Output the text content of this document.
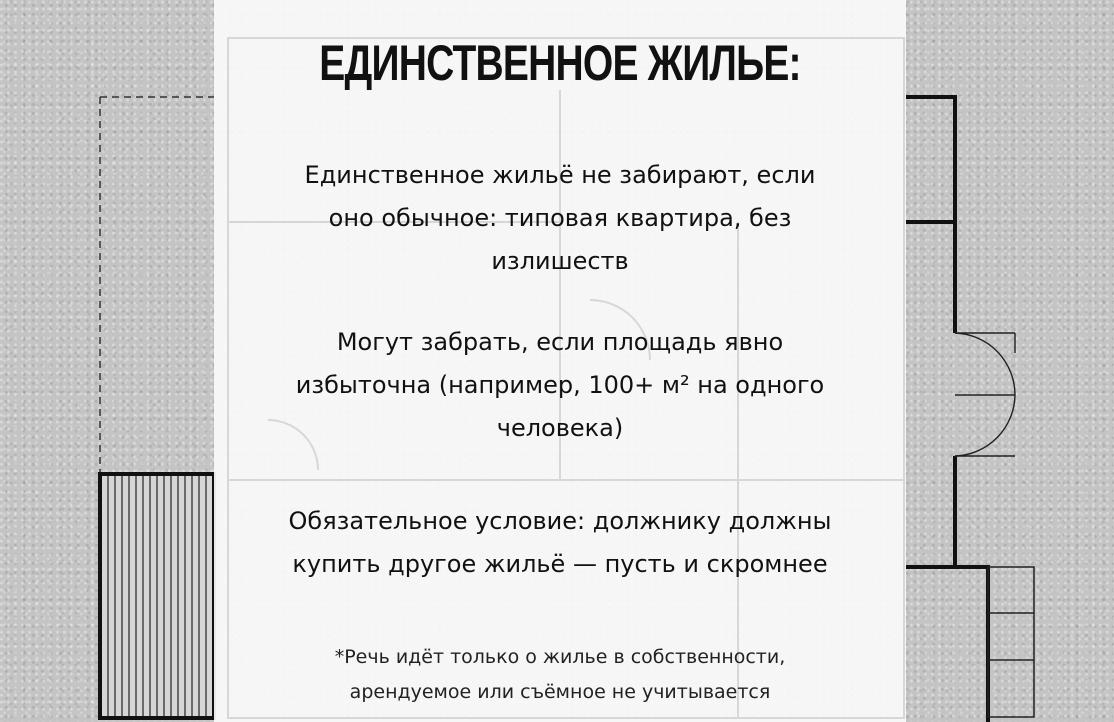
ЕДИНСТВЕННОЕ ЖИЛЬЕ:
Единственное жильё не забирают, если
оно обычное: типовая квартира, без
излишеств
Могут забрать, если площадь явно
избыточна (например, 100+ м² на одного
человека)
Обязательное условие: должнику должны
купить другое жильё — пусть и скромнее
*Речь идёт только о жилье в собственности,
арендуемое или съёмное не учитывается
